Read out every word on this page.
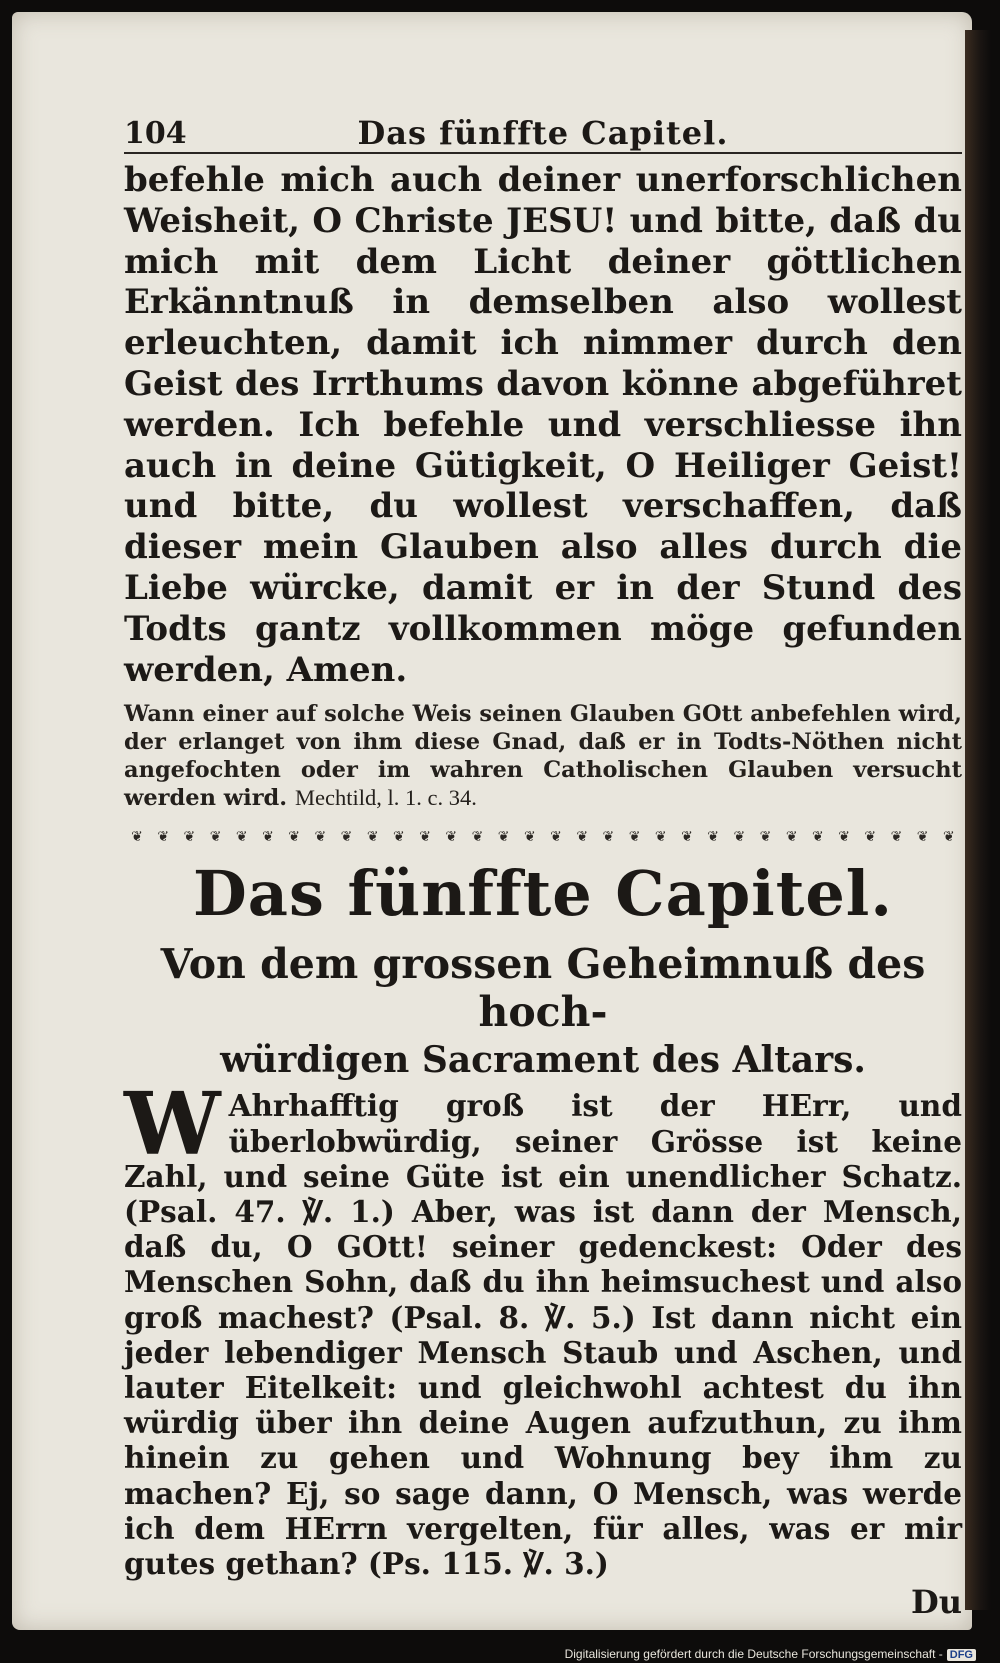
104	Das fünffte Capitel.

befehle mich auch deiner unerforschlichen Weisheit, O Christe JESU! und bitte, daß du mich mit dem Licht deiner göttlichen Erkänntnuß in demselben also wollest erleuchten, damit ich nimmer durch den Geist des Irrthums davon könne abgeführet werden. Ich befehle und verschliesse ihn auch in deine Gütigkeit, O Heiliger Geist! und bitte, du wollest verschaffen, daß dieser mein Glauben also alles durch die Liebe würcke, damit er in der Stund des Todts gantz vollkommen möge gefunden werden, Amen.

Wann einer auf solche Weis seinen Glauben GOtt anbefehlen wird, der erlanget von ihm diese Gnad, daß er in Todts-Nöthen nicht angefochten oder im wahren Catholischen Glauben versucht werden wird. Mechtild, l. 1. c. 34.

❦	❦	❦	❦	❦	❦	❦	❦	❦	❦	❦	❦	❦	❦	❦	❦	❦	❦	❦	❦	❦	❦	❦	❦	❦	❦	❦	❦	❦	❦	❦	❦
Das fünffte Capitel.
Von dem grossen Geheimnuß des hoch-
würdigen Sacrament des Altars.

W Ahrhafftig groß ist der HErr, und überlobwürdig, seiner Grösse ist keine Zahl, und seine Güte ist ein unendlicher Schatz. (Psal. 47. ℣. 1.) Aber, was ist dann der Mensch, daß du, O GOtt! seiner gedenckest: Oder des Menschen Sohn, daß du ihn heimsuchest und also groß machest? (Psal. 8. ℣. 5.) Ist dann nicht ein jeder lebendiger Mensch Staub und Aschen, und lauter Eitelkeit: und gleichwohl achtest du ihn würdig über ihn deine Augen aufzuthun, zu ihm hinein zu gehen und Wohnung bey ihm zu machen? Ej, so sage dann, O Mensch, was werde ich dem HErrn vergelten, für alles, was er mir gutes gethan? (Ps. 115. ℣. 3.)

Du
Digitalisierung gefördert durch die Deutsche Forschungsgemeinschaft - DFG
